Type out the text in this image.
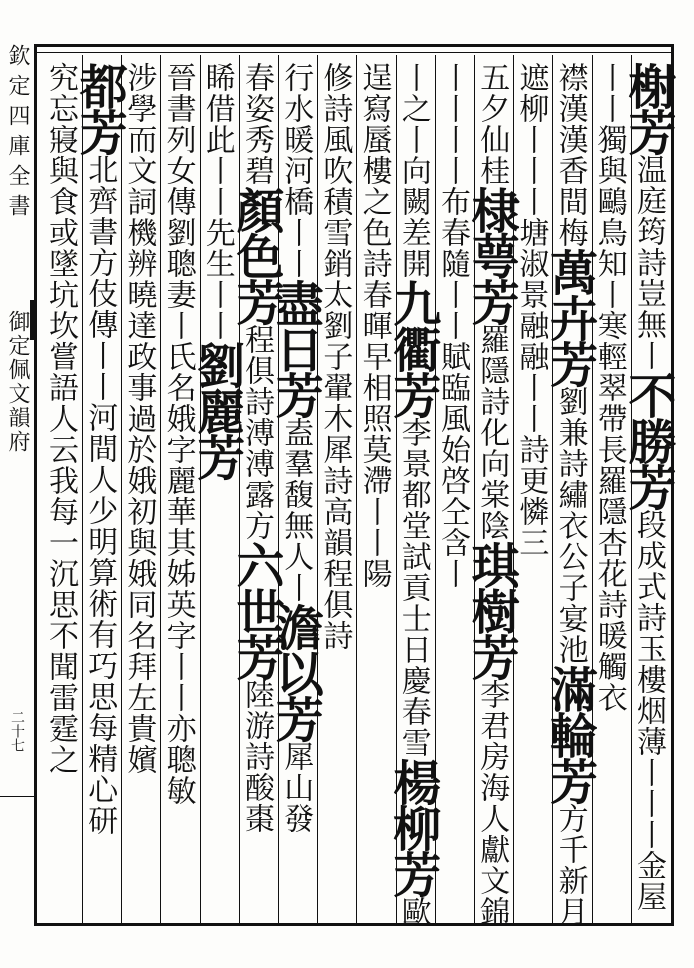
欽定四庫全書
御定佩文韻府
二十七
榭芳温庭筠詩豈無丨不勝芳段成式詩玉樓烟薄丨丨丨金屋
丨丨獨與鷗鳥知丨寒輕翠帶長羅隱杏花詩暖觸衣
襟漢漢香間梅萬卉芳劉兼詩繡衣公子宴池滿輪芳方千新月
遮柳丨丨丨塘淑景融融丨丨詩更憐三
五夕仙桂棣萼芳羅隱詩化向棠陰琪樹芳李君房海人獻文錦
丨丨丨丨布春隨丨丨賦臨風始啓仝含丨
丨之丨向闕差開九衢芳李景都堂試貢士日慶春雪楊柳芳歐
逞寫蜃樓之色詩春暉早相照莫滯丨丨陽
修詩風吹積雪銷太劉子翬木犀詩高韻程俱詩
行水暖河橋丨丨盡日芳盍羣馥無人丨澹以芳犀山發
春姿秀碧顏色芳程俱詩溥溥露方六世芳陸游詩酸棗
睎借此丨丨先生丨丨劉麗芳
晉書列女傳劉聰妻丨氏名娥字麗華其姊英字丨丨亦聰敏
涉學而文詞機辨曉達政事過於娥初與娥同名拜左貴嬪
都芳北齊書方伎傳丨丨河間人少明算術有巧思每精心研
究忘寢與食或墜坑坎嘗語人云我每一沉思不聞雷霆之
